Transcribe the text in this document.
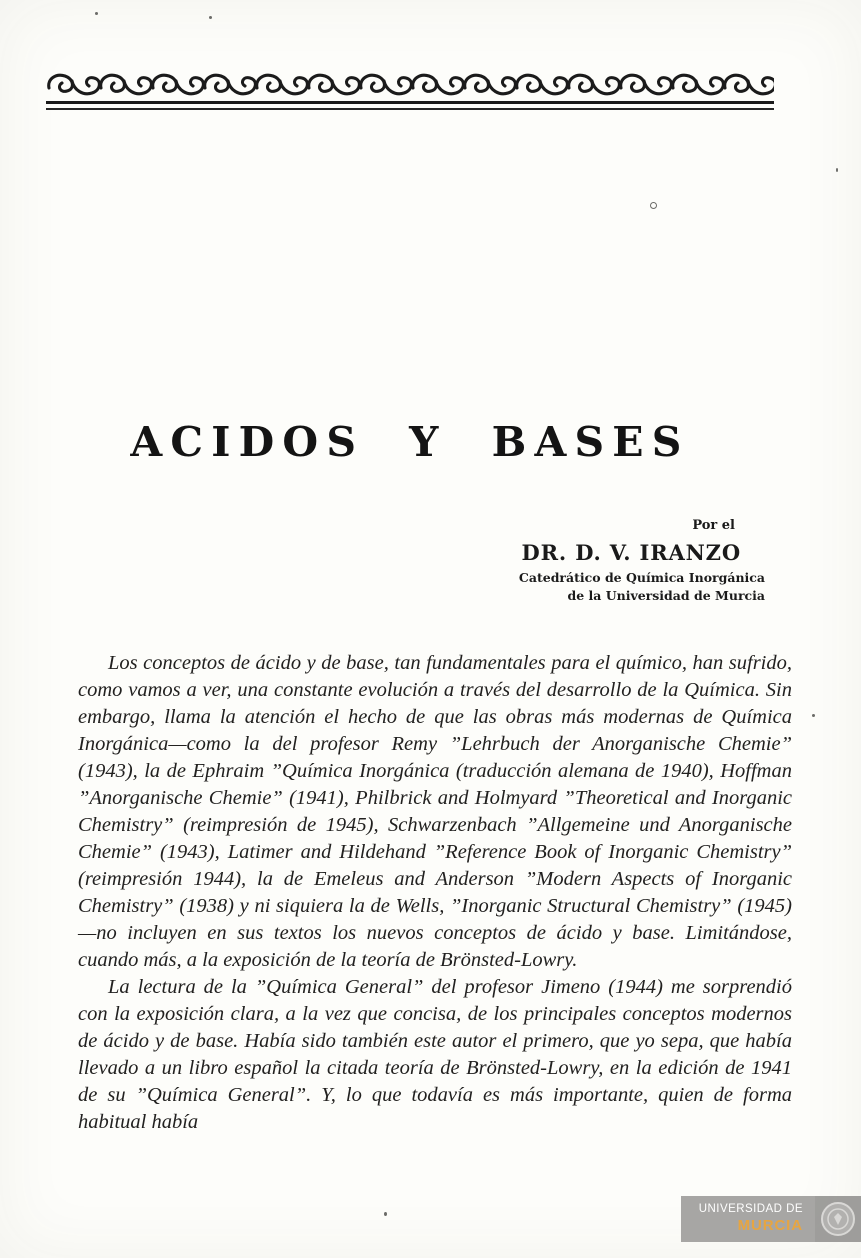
ACIDOS Y BASES
Por el
DR. D. V. IRANZO
Catedrático de Química Inorgánica
de la Universidad de Murcia

Los conceptos de ácido y de base, tan fundamentales para el químico, han sufrido, como vamos a ver, una constante evolución a través del desarrollo de la Química. Sin embargo, llama la atención el hecho de que las obras más modernas de Química Inorgánica—como la del profesor Remy ”Lehrbuch der Anorganische Chemie” (1943), la de Ephraim ”Química Inorgánica (traducción alemana de 1940), Hoffman ”Anorganische Chemie” (1941), Philbrick and Holmyard ”Theoretical and Inorganic Chemistry” (reimpresión de 1945), Schwarzenbach ”Allgemeine und Anorganische Chemie” (1943), Latimer and Hildehand ”Reference Book of Inorganic Chemistry” (reimpresión 1944), la de Emeleus and Anderson ”Modern Aspects of Inorganic Chemistry” (1938) y ni siquiera la de Wells, ”Inorganic Structural Chemistry” (1945)—no incluyen en sus textos los nuevos conceptos de ácido y base. Limitándose, cuando más, a la exposición de la teoría de Brönsted-Lowry.

La lectura de la ”Química General” del profesor Jimeno (1944) me sorprendió con la exposición clara, a la vez que concisa, de los principales conceptos modernos de ácido y de base. Había sido también este autor el primero, que yo sepa, que había llevado a un libro español la citada teoría de Brönsted-Lowry, en la edición de 1941 de su ”Química General”. Y, lo que todavía es más importante, quien de forma habitual había

UNIVERSIDAD DE
MURCIA
